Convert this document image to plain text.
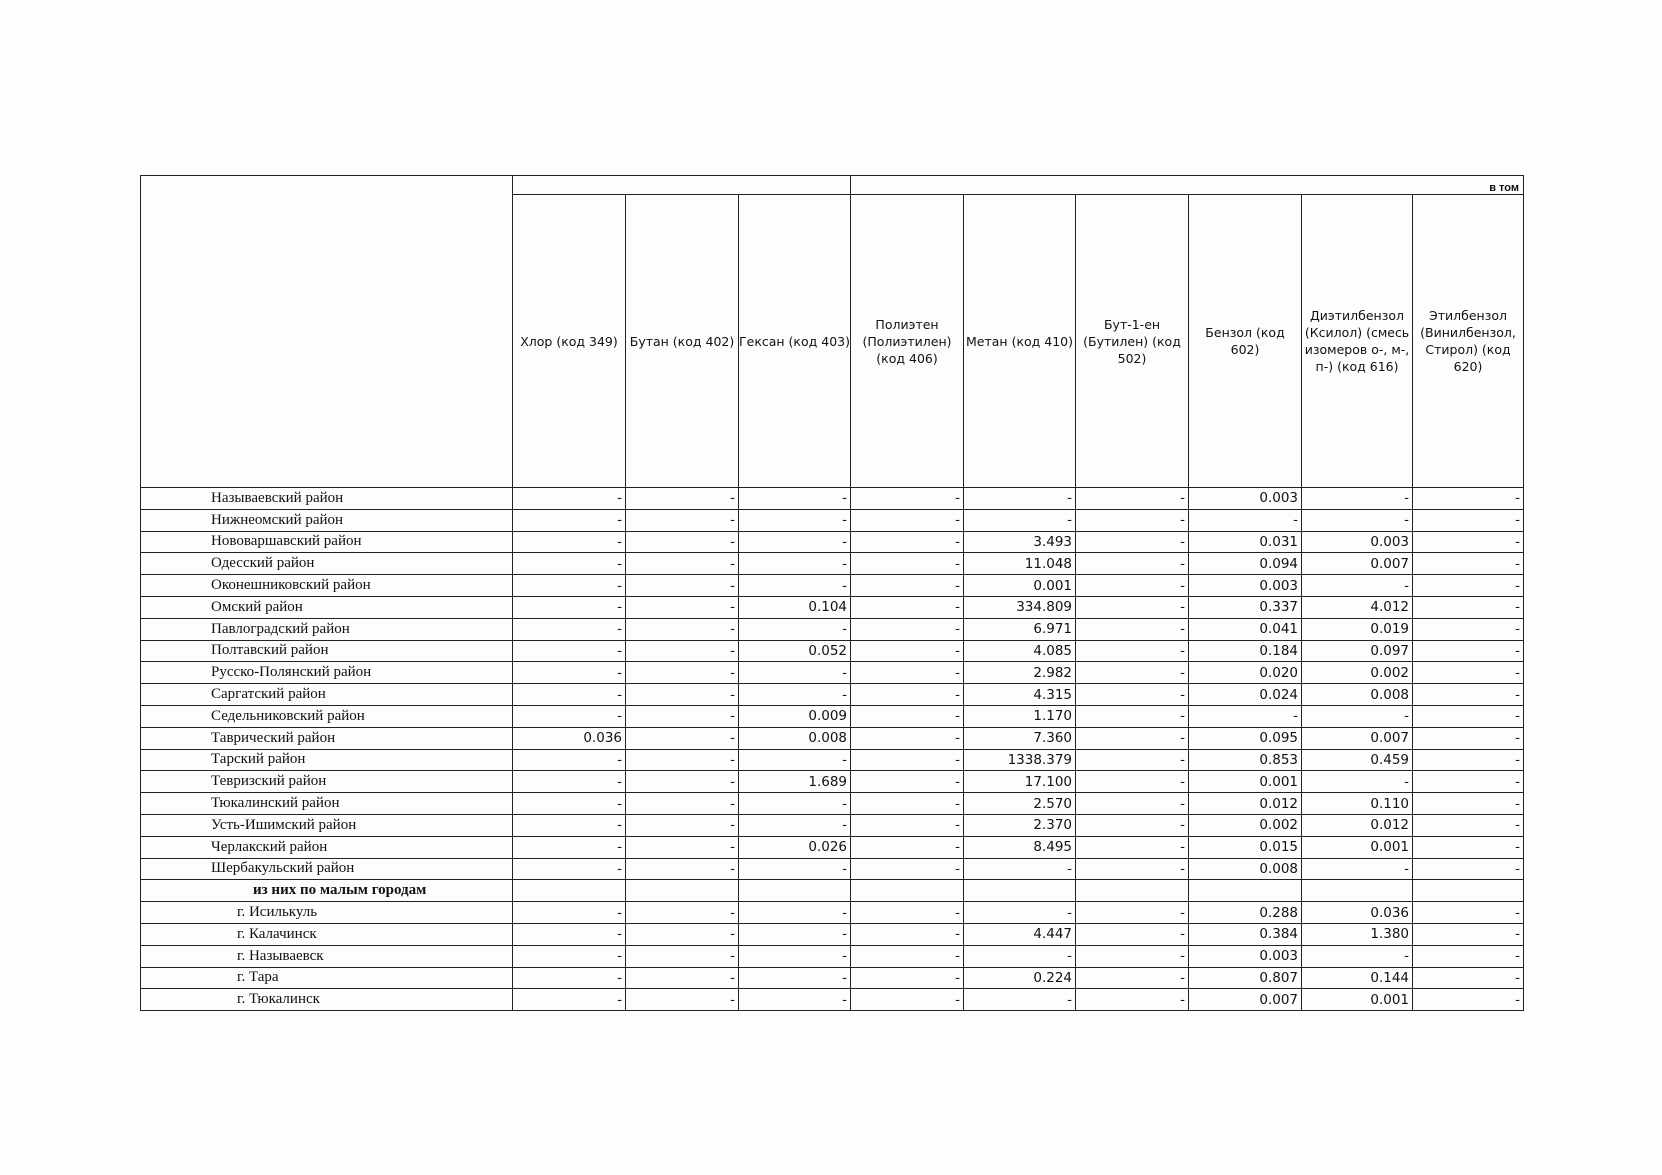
				в том					
	Хлор (код 349)	Бутан (код 402)	Гексан (код 403)	Полиэтен (Полиэтилен) (код 406)	Метан (код 410)	Бут-1-ен (Бутилен) (код 502)	Бензол (код 602)	Диэтилбензол (Ксилол) (смесь изомеров о-, м-, п-) (код 616)	Этилбензол (Винилбензол, Стирол) (код 620)
Называевский район	-	-	-	-	-	-	0.003	-	-
Нижнеомский район	-	-	-	-	-	-	-	-	-
Нововаршавский район	-	-	-	-	3.493	-	0.031	0.003	-
Одесский район	-	-	-	-	11.048	-	0.094	0.007	-
Оконешниковский район	-	-	-	-	0.001	-	0.003	-	-
Омский район	-	-	0.104	-	334.809	-	0.337	4.012	-
Павлоградский район	-	-	-	-	6.971	-	0.041	0.019	-
Полтавский район	-	-	0.052	-	4.085	-	0.184	0.097	-
Русско-Полянский район	-	-	-	-	2.982	-	0.020	0.002	-
Саргатский район	-	-	-	-	4.315	-	0.024	0.008	-
Седельниковский район	-	-	0.009	-	1.170	-	-	-	-
Таврический район	0.036	-	0.008	-	7.360	-	0.095	0.007	-
Тарский район	-	-	-	-	1338.379	-	0.853	0.459	-
Тевризский район	-	-	1.689	-	17.100	-	0.001	-	-
Тюкалинский район	-	-	-	-	2.570	-	0.012	0.110	-
Усть-Ишимский район	-	-	-	-	2.370	-	0.002	0.012	-
Черлакский район	-	-	0.026	-	8.495	-	0.015	0.001	-
Шербакульский район	-	-	-	-	-	-	0.008	-	-
из них по малым городам									
г. Исилькуль	-	-	-	-	-	-	0.288	0.036	-
г. Калачинск	-	-	-	-	4.447	-	0.384	1.380	-
г. Называевск	-	-	-	-	-	-	0.003	-	-
г. Тара	-	-	-	-	0.224	-	0.807	0.144	-
г. Тюкалинск	-	-	-	-	-	-	0.007	0.001	-
